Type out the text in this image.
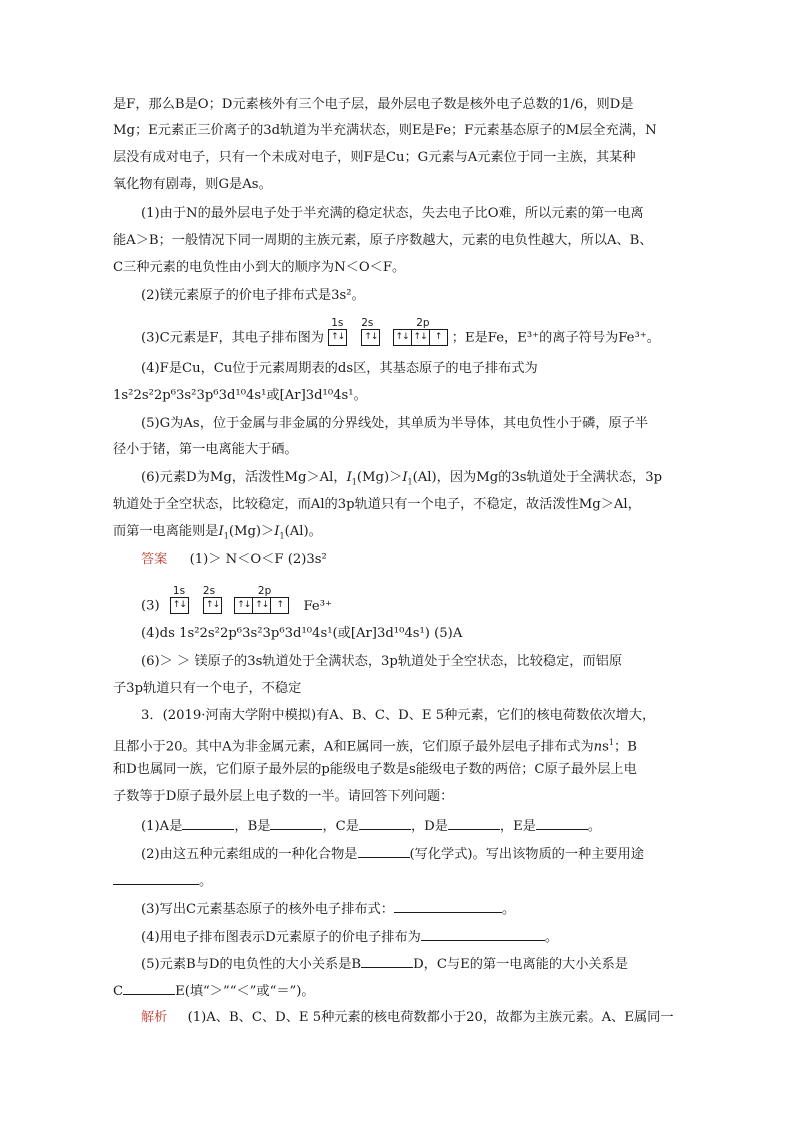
是F，那么B是O；D元素核外有三个电子层，最外层电子数是核外电子总数的1/6，则D是
Mg；E元素正三价离子的3d轨道为半充满状态，则E是Fe；F元素基态原子的M层全充满，N
层没有成对电子，只有一个未成对电子，则F是Cu；G元素与A元素位于同一主族，其某种
氧化物有剧毒，则G是As。
(1)由于N的最外层电子处于半充满的稳定状态，失去电子比O难，所以元素的第一电离
能A＞B；一般情况下同一周期的主族元素，原子序数越大，元素的电负性越大，所以A、B、
C三种元素的电负性由小到大的顺序为N＜O＜F。
(2)镁元素原子的价电子排布式是3s²。
(3)C元素是F，其电子排布图为
1s 2s	2p
↑↓
↑↓
↑↓ ↑↓ ↑ ；E是Fe，E³⁺的离子符号为Fe³⁺。
(4)F是Cu，Cu位于元素周期表的ds区，其基态原子的电子排布式为
1s²2s²2p⁶3s²3p⁶3d¹⁰4s¹或[Ar]3d¹⁰4s¹。
(5)G为As，位于金属与非金属的分界线处，其单质为半导体，其电负性小于磷，原子半
径小于锗，第一电离能大于硒。
(6)元素D为Mg，活泼性Mg＞Al，$I_1(Mg)>I_1(Al)$，因为Mg的3s轨道处于全满状态，3p
轨道处于全空状态，比较稳定，而Al的3p轨道只有一个电子，不稳定，故活泼性Mg＞Al，
而第一电离能则是$I_1(Mg)>I_1(Al)$。
答案 (1)＞ N＜O＜F (2)3s²
(3)
1s 2s	2p
↑↓
↑↓
↑↓ ↑↓ ↑	Fe³⁺
(4)ds 1s²2s²2p⁶3s²3p⁶3d¹⁰4s¹(或[Ar]3d¹⁰4s¹) (5)A
(6)＞ ＞ 镁原子的3s轨道处于全满状态，3p轨道处于全空状态，比较稳定，而铝原
子3p轨道只有一个电子，不稳定
3．(2019·河南大学附中模拟)有A、B、C、D、E 5种元素，它们的核电荷数依次增大，
且都小于20。其中A为非金属元素，A和E属同一族，它们原子最外层电子排布式为$ns^1$；B
和D也属同一族，它们原子最外层的p能级电子数是s能级电子数的两倍；C原子最外层上电
子数等于D原子最外层上电子数的一半。请回答下列问题：
(1)A是	，B是	，C是	，D是	，E是	。
(2)由这五种元素组成的一种化合物是	(写化学式)。写出该物质的一种主要用途
。
(3)写出C元素基态原子的核外电子排布式：	。
(4)用电子排布图表示D元素原子的价电子排布为	。
(5)元素B与D的电负性的大小关系是B	D，C与E的第一电离能的大小关系是
C	E(填“＞”“＜”或“＝”)。
解析 (1)A、B、C、D、E 5种元素的核电荷数都小于20，故都为主族元素。A、E属同一
